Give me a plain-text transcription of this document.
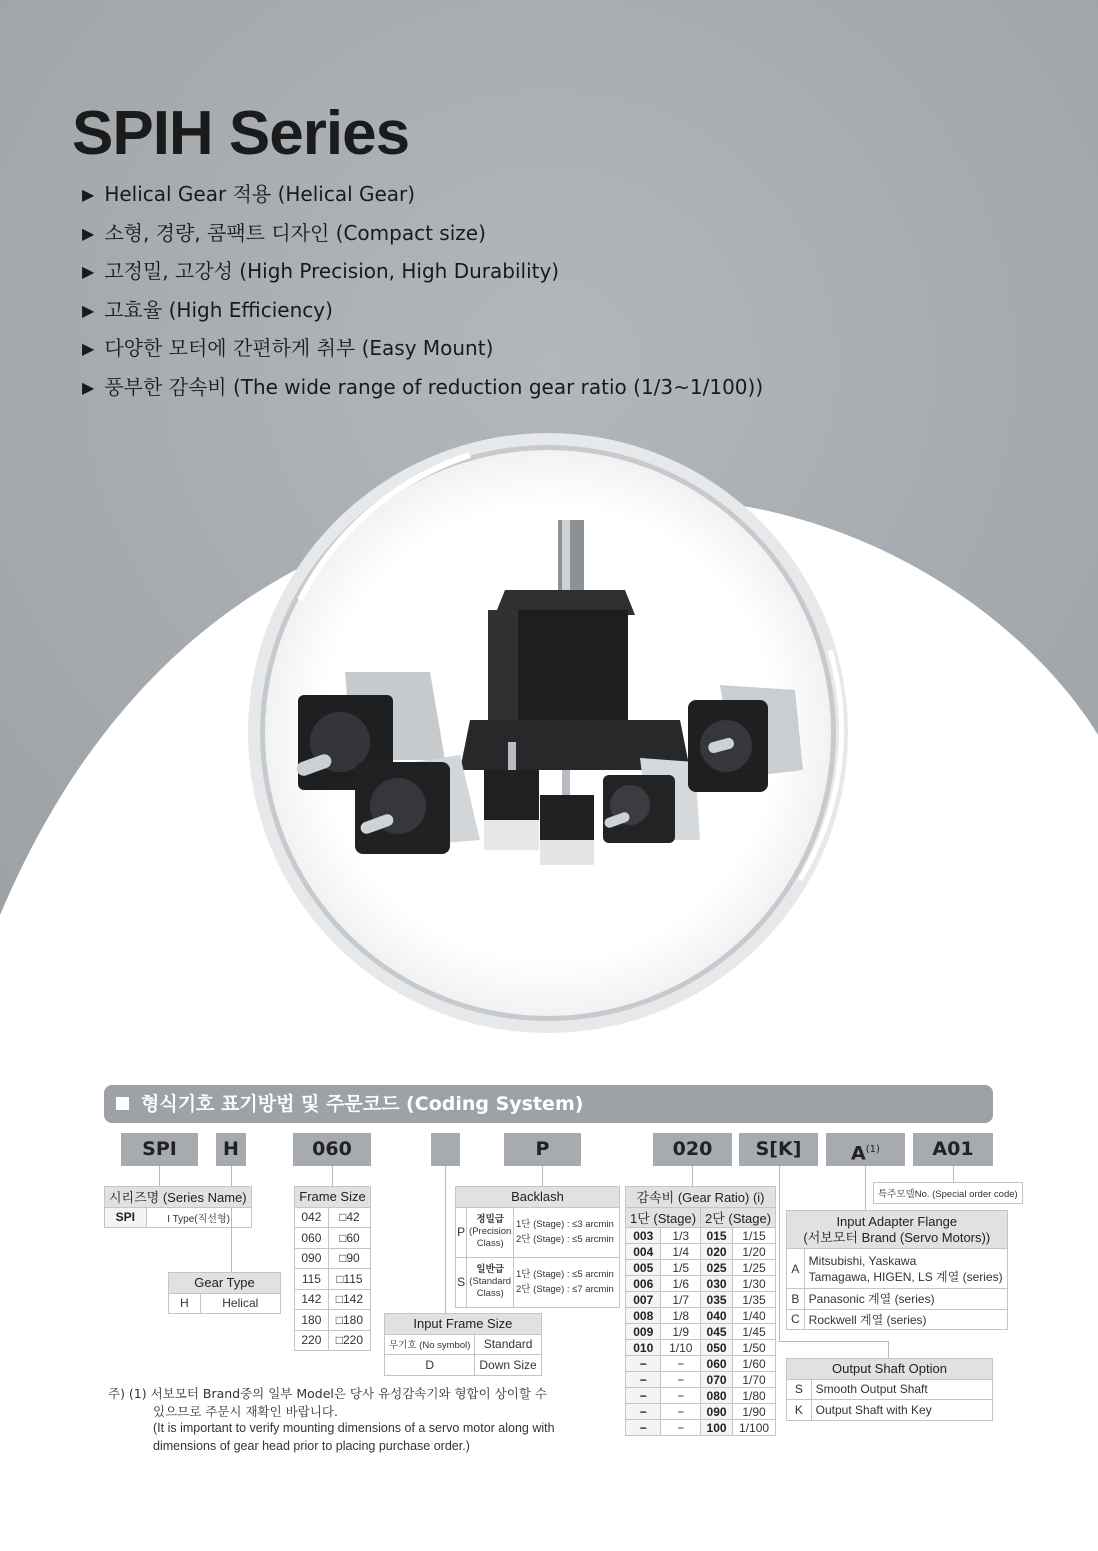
SPIH Series
▶ Helical Gear 적용 (Helical Gear)
▶ 소형, 경량, 콤팩트 디자인 (Compact size)
▶ 고정밀, 고강성 (High Precision, High Durability)
▶ 고효율 (High Efficiency)
▶ 다양한 모터에 간편하게 취부 (Easy Mount)
▶ 풍부한 감속비 (The wide range of reduction gear ratio (1/3~1/100))
형식기호 표기방법 및 주문코드 (Coding System)
SPI	H	060	P	020	S[K]	$A^{(1)}$	A01
시리즈명 (Series Name)
SPI	I Type(직선형)
Gear Type
H	Helical
Frame Size	
042	□42
060	□60
090	□90
115	□115
142	□142
180	□180
220	□220
Input Frame Size	
무기호 (No symbol)	Standard
D	Down Size
Backlash		
P	정밀급
(Precision
Class)	1단 (Stage) : ≤3 arcmin
2단 (Stage) : ≤5 arcmin
S	일반급
(Standard
Class)	1단 (Stage) : ≤5 arcmin
2단 (Stage) : ≤7 arcmin
감속비 (Gear Ratio) (i)			
1단 (Stage)		2단 (Stage)	
003	1/3	015	1/15
004	1/4	020	1/20
005	1/5	025	1/25
006	1/6	030	1/30
007	1/7	035	1/35
008	1/8	040	1/40
009	1/9	045	1/45
010	1/10	050	1/50
−	−	060	1/60
−	−	070	1/70
−	−	080	1/80
−	−	090	1/90
−	−	100	1/100
특주모델No. (Special order code)
Input Adapter Flange
(서보모터 Brand (Servo Motors))	
A	Mitsubishi, Yaskawa
Tamagawa, HIGEN, LS 계열 (series)
B	Panasonic 계열 (series)
C	Rockwell 계열 (series)
Output Shaft Option	
S	Smooth Output Shaft
K	Output Shaft with Key
주) (1) 서보모터 Brand중의 일부 Model은 당사 유성감속기와 형합이 상이할 수
있으므로 주문시 재확인 바랍니다.
(It is important to verify mounting dimensions of a servo motor along with
dimensions of gear head prior to placing purchase order.)
